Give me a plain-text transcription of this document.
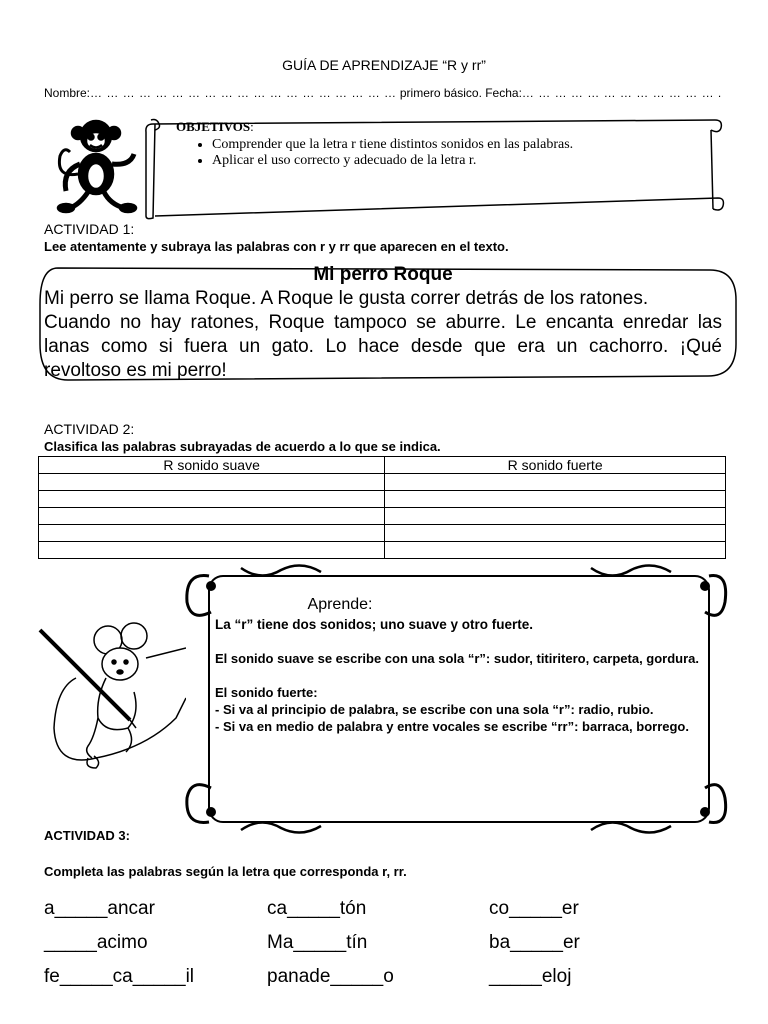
GUÍA DE APRENDIZAJE “R y rr”
Nombre:… … … … … … … … … … … … … … … … … … … primero básico. Fecha:… … … … … … … … … … … … .
OBJETIVOS:
• Comprender que la letra r tiene distintos sonidos en las palabras.
• Aplicar el uso correcto y adecuado de la letra r.
ACTIVIDAD 1:
Lee atentamente y subraya las palabras con r y rr que aparecen en el texto.
Mi perro Roque
Mi perro se llama Roque. A Roque le gusta correr detrás de los ratones.
Cuando no hay ratones, Roque tampoco se aburre. Le encanta enredar las lanas como si fuera un gato. Lo hace desde que era un cachorro. ¡Qué revoltoso es mi perro!
ACTIVIDAD 2:
Clasifica las palabras subrayadas de acuerdo a lo que se indica.
R sonido suave	R sonido fuerte

Aprende:

La “r” tiene dos sonidos; uno suave y otro fuerte.

El sonido suave se escribe con una sola “r”: sudor, titiritero, carpeta, gordura.

El sonido fuerte:

- Si va al principio de palabra, se escribe con una sola “r”: radio, rubio.

- Si va en medio de palabra y entre vocales se escribe “rr”: barraca, borrego.

ACTIVIDAD 3:
Completa las palabras según la letra que corresponda r, rr.
a_____ancar	ca_____tón	co_____er
_____acimo	Ma_____tín	ba_____er
fe_____ca_____il	panade_____o	_____eloj
